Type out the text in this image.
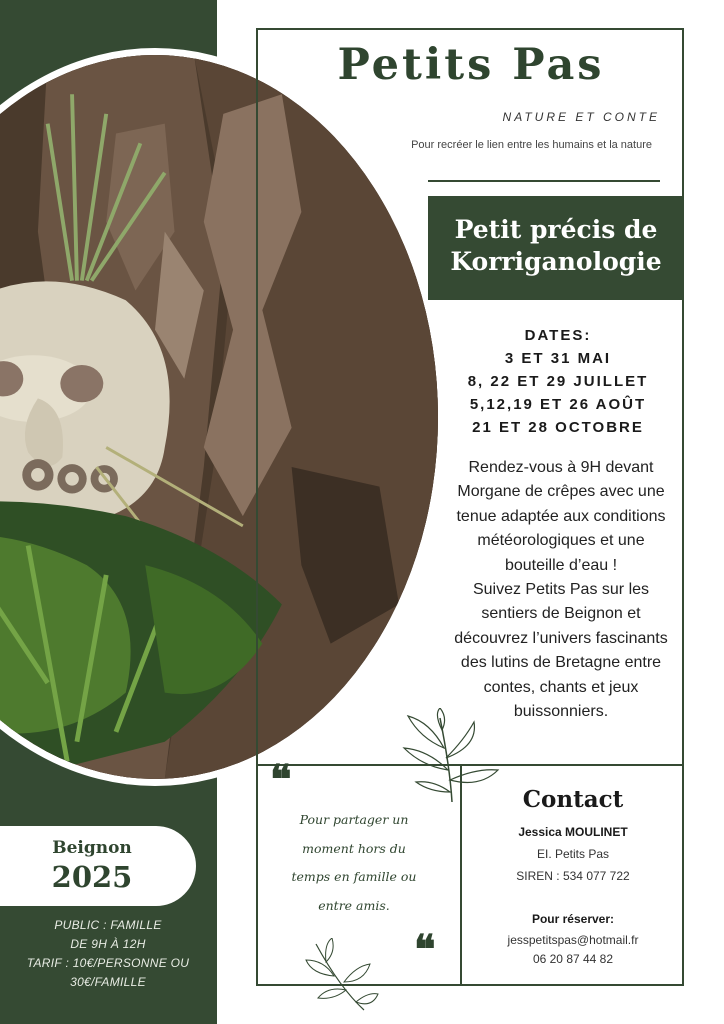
Petits Pas
NATURE ET CONTE
Pour recréer le lien entre les humains et la nature
Petit précis de
Korriganologie
DATES:
3 ET 31 MAI
8, 22 ET 29 JUILLET
5,12,19 ET 26 AOÛT
21 ET 28 OCTOBRE
Rendez-vous à 9H devant
Morgane de crêpes avec une
tenue adaptée aux conditions
météorologiques et une
bouteille d’eau !
Suivez Petits Pas sur les
sentiers de Beignon et
découvrez l’univers fascinants
des lutins de Bretagne entre
contes, chants et jeux
buissonniers.
❝
Pour partager un
moment hors du
temps en famille ou
entre amis.
❝
Contact
Jessica MOULINET
EI. Petits Pas
SIREN : 534 077 722
Pour réserver:
jesspetitspas@hotmail.fr
06 20 87 44 82
Beignon
2025
PUBLIC : FAMILLE
DE 9H À 12H
TARIF : 10€/PERSONNE OU
30€/FAMILLE
